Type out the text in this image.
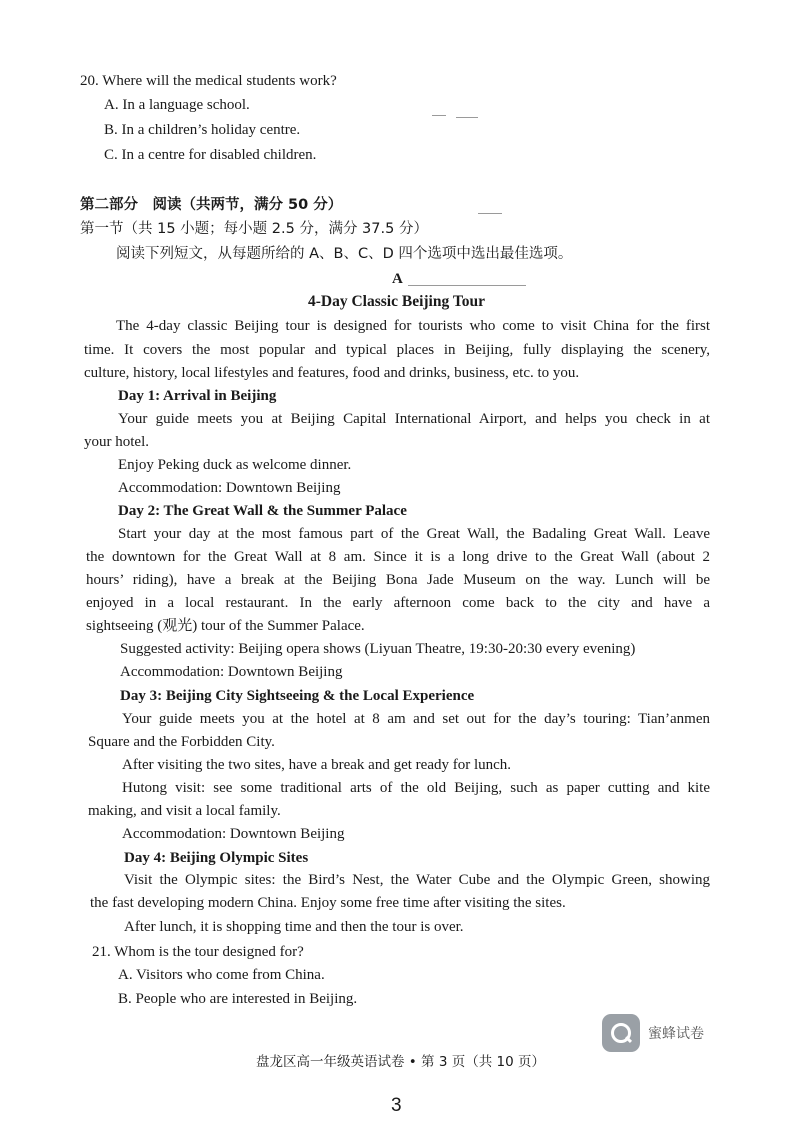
20. Where will the medical students work?
A. In a language school.
B. In a children’s holiday centre.
C. In a centre for disabled children.
第二部分　阅读（共两节，满分 50 分）
第一节（共 15 小题；每小题 2.5 分，满分 37.5 分）
阅读下列短文，从每题所给的 A、B、C、D 四个选项中选出最佳选项。
A
4-Day Classic Beijing Tour
The 4-day classic Beijing tour is designed for tourists who come to visit China for the first
time. It covers the most popular and typical places in Beijing, fully displaying the scenery,
culture, history, local lifestyles and features, food and drinks, business, etc. to you.
Day 1: Arrival in Beijing
Your guide meets you at Beijing Capital International Airport, and helps you check in at
your hotel.
Enjoy Peking duck as welcome dinner.
Accommodation: Downtown Beijing
Day 2: The Great Wall & the Summer Palace
Start your day at the most famous part of the Great Wall, the Badaling Great Wall. Leave
the downtown for the Great Wall at 8 am. Since it is a long drive to the Great Wall (about 2
hours’ riding), have a break at the Beijing Bona Jade Museum on the way. Lunch will be
enjoyed in a local restaurant. In the early afternoon come back to the city and have a
sightseeing (观光) tour of the Summer Palace.
Suggested activity: Beijing opera shows (Liyuan Theatre, 19:30-20:30 every evening)
Accommodation: Downtown Beijing
Day 3: Beijing City Sightseeing & the Local Experience
Your guide meets you at the hotel at 8 am and set out for the day’s touring: Tian’anmen
Square and the Forbidden City.
After visiting the two sites, have a break and get ready for lunch.
Hutong visit: see some traditional arts of the old Beijing, such as paper cutting and kite
making, and visit a local family.
Accommodation: Downtown Beijing
Day 4: Beijing Olympic Sites
Visit the Olympic sites: the Bird’s Nest, the Water Cube and the Olympic Green, showing
the fast developing modern China. Enjoy some free time after visiting the sites.
After lunch, it is shopping time and then the tour is over.
21. Whom is the tour designed for?
A. Visitors who come from China.
B. People who are interested in Beijing.
蜜蜂试卷
盘龙区高一年级英语试卷 • 第 3 页（共 10 页）
3
